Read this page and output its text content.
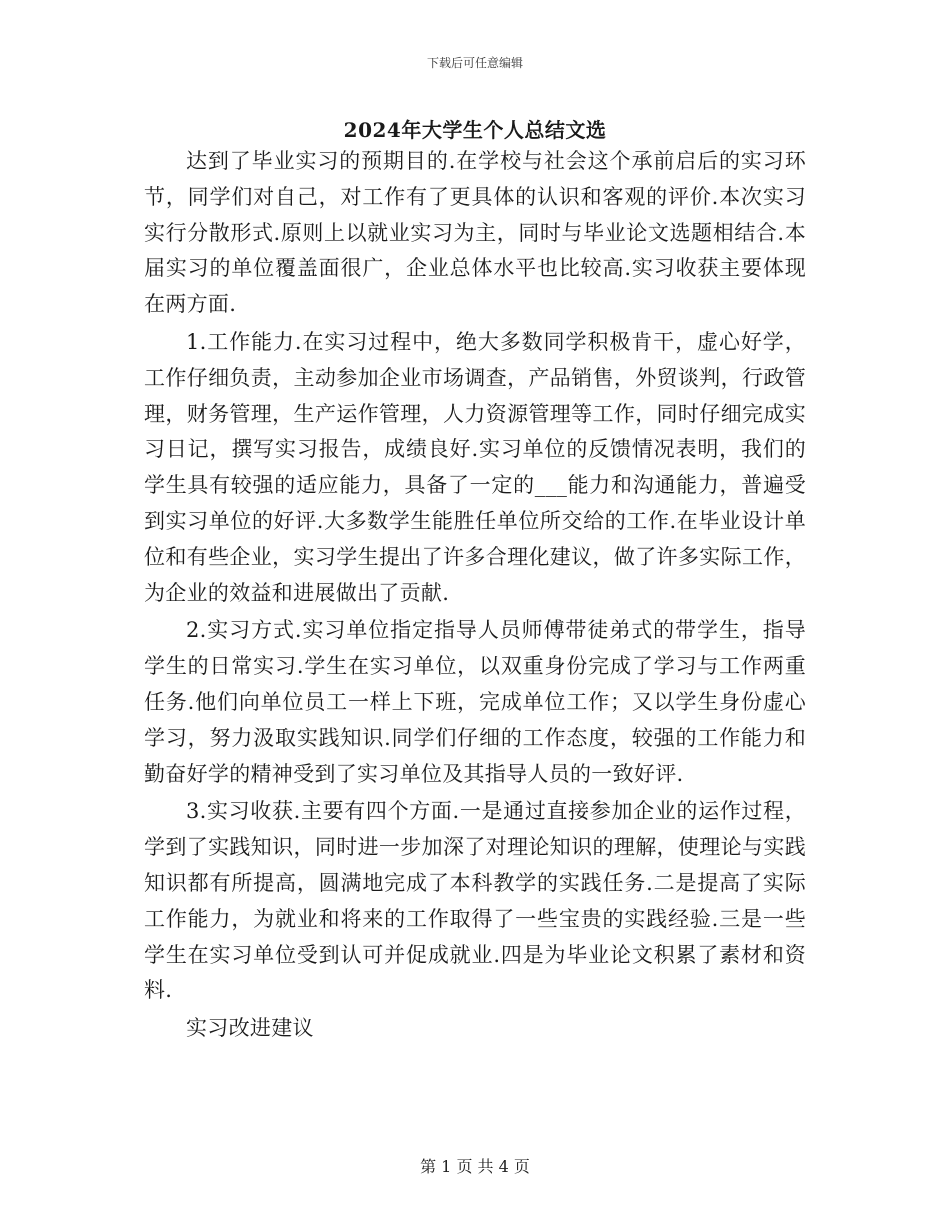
下载后可任意编辑
2024年大学生个人总结文选

达到了毕业实习的预期目的.在学校与社会这个承前启后的实习环节，同学们对自己，对工作有了更具体的认识和客观的评价.本次实习实行分散形式.原则上以就业实习为主，同时与毕业论文选题相结合.本届实习的单位覆盖面很广，企业总体水平也比较高.实习收获主要体现在两方面.

1.工作能力.在实习过程中，绝大多数同学积极肯干，虚心好学，工作仔细负责，主动参加企业市场调查，产品销售，外贸谈判，行政管理，财务管理，生产运作管理，人力资源管理等工作，同时仔细完成实习日记，撰写实习报告，成绩良好.实习单位的反馈情况表明，我们的学生具有较强的适应能力，具备了一定的___能力和沟通能力，普遍受到实习单位的好评.大多数学生能胜任单位所交给的工作.在毕业设计单位和有些企业，实习学生提出了许多合理化建议，做了许多实际工作，为企业的效益和进展做出了贡献.

2.实习方式.实习单位指定指导人员师傅带徒弟式的带学生，指导学生的日常实习.学生在实习单位，以双重身份完成了学习与工作两重任务.他们向单位员工一样上下班，完成单位工作；又以学生身份虚心学习，努力汲取实践知识.同学们仔细的工作态度，较强的工作能力和勤奋好学的精神受到了实习单位及其指导人员的一致好评.

3.实习收获.主要有四个方面.一是通过直接参加企业的运作过程，学到了实践知识，同时进一步加深了对理论知识的理解，使理论与实践知识都有所提高，圆满地完成了本科教学的实践任务.二是提高了实际工作能力，为就业和将来的工作取得了一些宝贵的实践经验.三是一些学生在实习单位受到认可并促成就业.四是为毕业论文积累了素材和资料.

实习改进建议

第 1 页 共 4 页
